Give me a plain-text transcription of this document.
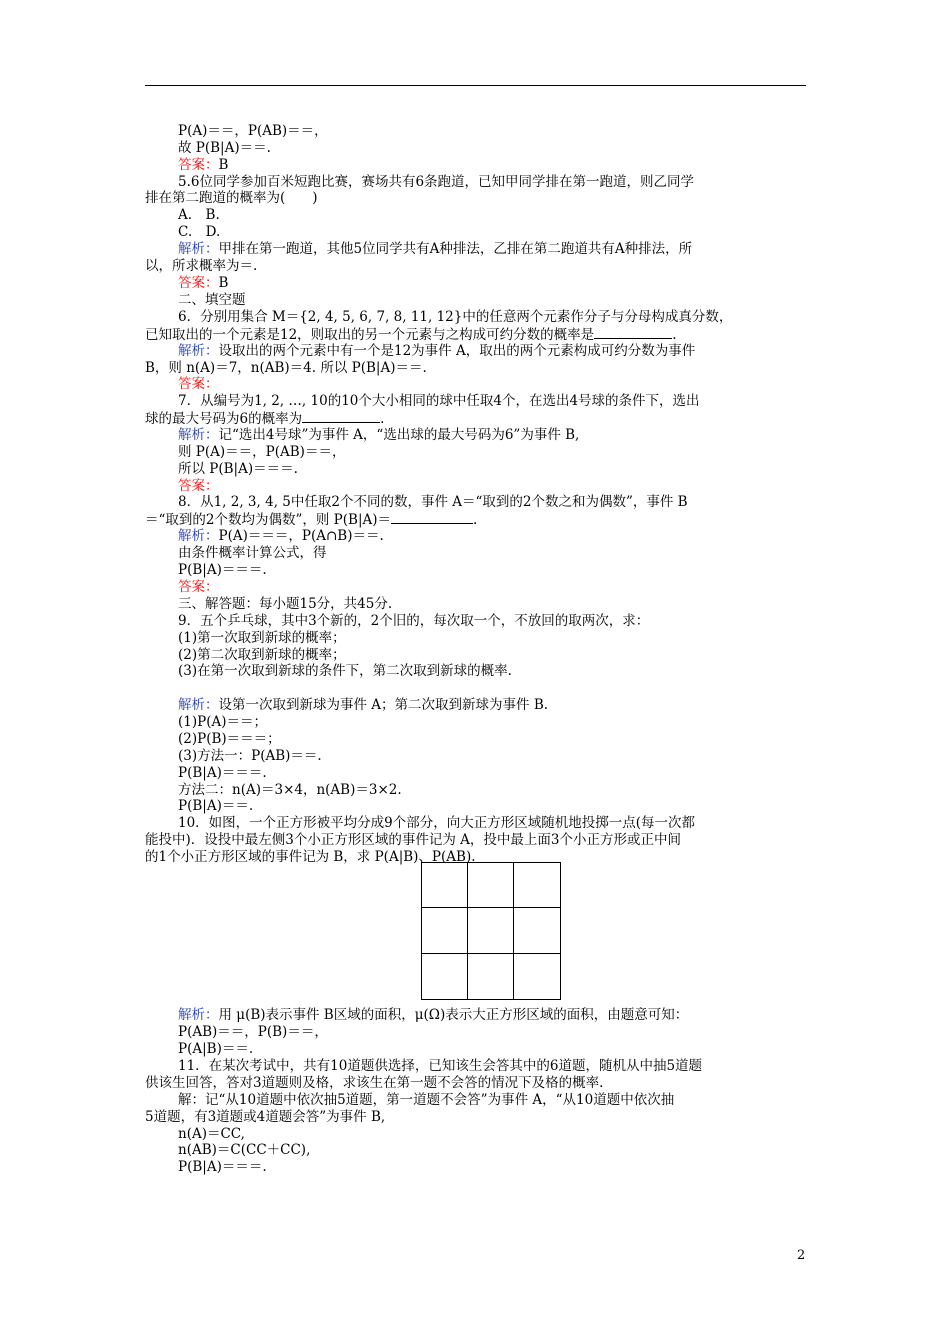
P(A)＝＝，P(AB)＝＝，
故 P(B|A)＝＝.
答案：B
5.6位同学参加百米短跑比赛，赛场共有6条跑道，已知甲同学排在第一跑道，则乙同学
排在第二跑道的概率为(　　)
A.　B.
C.　D.
解析：甲排在第一跑道，其他5位同学共有A种排法，乙排在第二跑道共有A种排法，所
以，所求概率为＝.
答案：B
二、填空题
6．分别用集合 M＝{2, 4, 5, 6, 7, 8, 11, 12}中的任意两个元素作分子与分母构成真分数，
已知取出的一个元素是12，则取出的另一个元素与之构成可约分数的概率是	.
解析：设取出的两个元素中有一个是12为事件 A，取出的两个元素构成可约分数为事件
B，则 n(A)＝7，n(AB)＝4. 所以 P(B|A)＝＝.
答案：
7．从编号为1, 2, …, 10的10个大小相同的球中任取4个，在选出4号球的条件下，选出
球的最大号码为6的概率为	.
解析：记“选出4号球”为事件 A，“选出球的最大号码为6”为事件 B,
则 P(A)＝＝，P(AB)＝＝，
所以 P(B|A)＝＝＝.
答案：
8．从1, 2, 3, 4, 5中任取2个不同的数，事件 A＝“取到的2个数之和为偶数”，事件 B
＝“取到的2个数均为偶数”，则 P(B|A)＝	.
解析：P(A)＝＝＝，P(A∩B)＝＝.
由条件概率计算公式，得
P(B|A)＝＝＝.
答案：
三、解答题：每小题15分，共45分.
9．五个乒乓球，其中3个新的，2个旧的，每次取一个，不放回的取两次，求：
(1)第一次取到新球的概率；
(2)第二次取到新球的概率；
(3)在第一次取到新球的条件下，第二次取到新球的概率.
解析：设第一次取到新球为事件 A；第二次取到新球为事件 B.
(1)P(A)＝＝；
(2)P(B)＝＝＝；
(3)方法一：P(AB)＝＝.
P(B|A)＝＝＝.
方法二：n(A)＝3×4，n(AB)＝3×2.
P(B|A)＝＝.
10．如图，一个正方形被平均分成9个部分，向大正方形区域随机地投掷一点(每一次都
能投中)．设投中最左侧3个小正方形区域的事件记为 A，投中最上面3个小正方形或正中间
的1个小正方形区域的事件记为 B，求 P(A|B)、P(AB).
解析：用 μ(B)表示事件 B区域的面积，μ(Ω)表示大正方形区域的面积，由题意可知：
P(AB)＝＝，P(B)＝＝，
P(A|B)＝＝.
11．在某次考试中，共有10道题供选择，已知该生会答其中的6道题，随机从中抽5道题
供该生回答，答对3道题则及格，求该生在第一题不会答的情况下及格的概率.
解：记“从10道题中依次抽5道题，第一道题不会答”为事件 A，“从10道题中依次抽
5道题，有3道题或4道题会答”为事件 B,
n(A)＝CC,
n(AB)＝C(CC＋CC),
P(B|A)＝＝＝.
2
